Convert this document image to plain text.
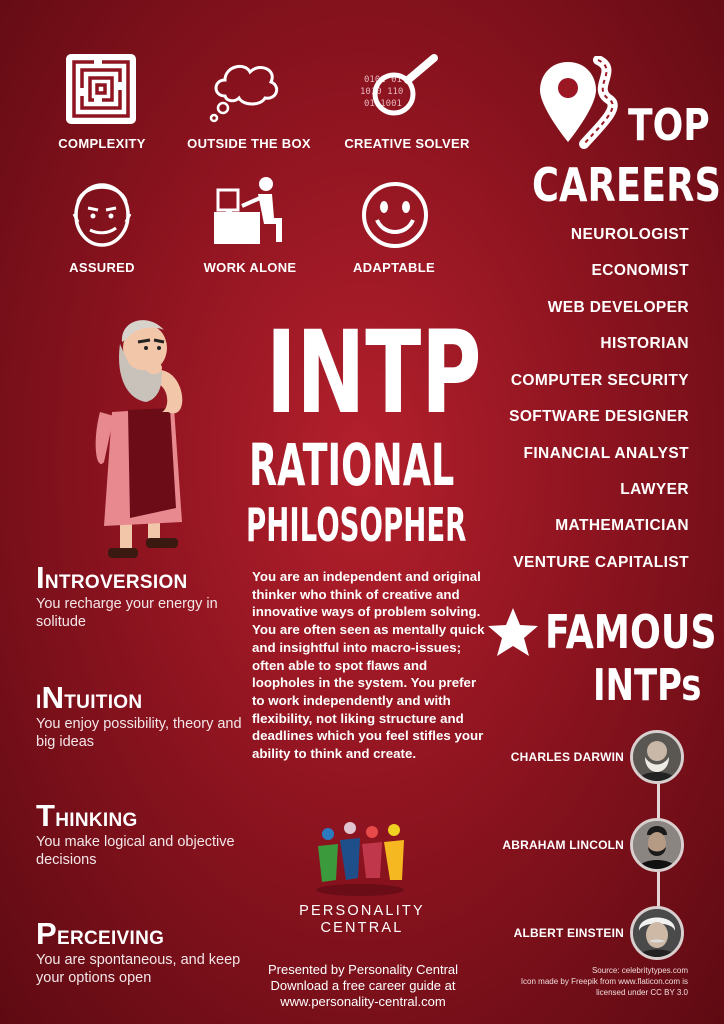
COMPLEXITY	OUTSIDE THE BOX
0101 01
1010 110
01 1001
CREATIVE SOLVER
ASSURED	WORK ALONE	ADAPTABLE
TOP
CAREERS
NEUROLOGIST
ECONOMIST
WEB DEVELOPER
HISTORIAN
COMPUTER SECURITY
SOFTWARE DESIGNER
FINANCIAL ANALYST
LAWYER
MATHEMATICIAN
VENTURE CAPITALIST
INTP
RATIONAL
PHILOSOPHER
You are an independent and original thinker who think of creative and innovative ways of problem solving. You are often seen as mentally quick and insightful into macro-issues; often able to spot flaws and loopholes in the system. You prefer to work independently and with flexibility, not liking structure and deadlines which you feel stifles your ability to think and create.
INTROVERSION
You recharge your energy in solitude
INTUITION
You enjoy possibility, theory and big ideas
THINKING
You make logical and objective decisions
PERCEIVING
You are spontaneous, and keep your options open
PERSONALITY
CENTRAL
Presented by Personality Central
Download a free career guide at
www.personality-central.com
FAMOUS
INTPs
CHARLES DARWIN
ABRAHAM LINCOLN
ALBERT EINSTEIN
Source: celebritytypes.com
Icon made by Freepik from www.flaticon.com is
licensed under CC BY 3.0
